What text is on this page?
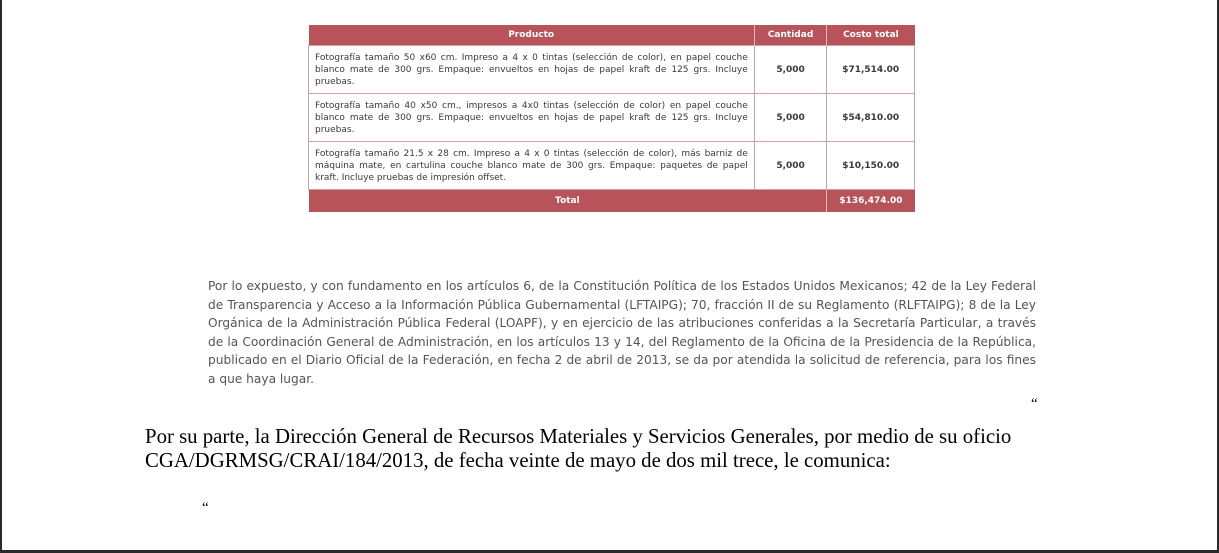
Producto	Cantidad	Costo total
Fotografía tamaño 50 x60 cm. Impreso a 4 x 0 tintas (selección de color), en papel couche blanco mate de 300 grs. Empaque: envueltos en hojas de papel kraft de 125 grs. Incluye pruebas.	5,000	$71,514.00
Fotografía tamaño 40 x50 cm., impresos a 4x0 tintas (selección de color) en papel couche blanco mate de 300 grs. Empaque: envueltos en hojas de papel kraft de 125 grs. Incluye pruebas.	5,000	$54,810.00
Fotografía tamaño 21.5 x 28 cm. Impreso a 4 x 0 tintas (selección de color), más barniz de máquina mate, en cartulina couche blanco mate de 300 grs. Empaque: paquetes de papel kraft. Incluye pruebas de impresión offset.	5,000	$10,150.00
Total		$136,474.00

Por lo expuesto, y con fundamento en los artículos 6, de la Constitución Política de los Estados Unidos Mexicanos; 42 de la Ley Federal de Transparencia y Acceso a la Información Pública Gubernamental (LFTAIPG); 70, fracción II de su Reglamento (RLFTAIPG); 8 de la Ley Orgánica de la Administración Pública Federal (LOAPF), y en ejercicio de las atribuciones conferidas a la Secretaría Particular, a través de la Coordinación General de Administración, en los artículos 13 y 14, del Reglamento de la Oficina de la Presidencia de la República, publicado en el Diario Oficial de la Federación, en fecha 2 de abril de 2013, se da por atendida la solicitud de referencia, para los fines a que haya lugar.

“

Por su parte, la Dirección General de Recursos Materiales y Servicios Generales, por medio de su oficio
CGA/DGRMSG/CRAI/184/2013, de fecha veinte de mayo de dos mil trece, le comunica:

“
